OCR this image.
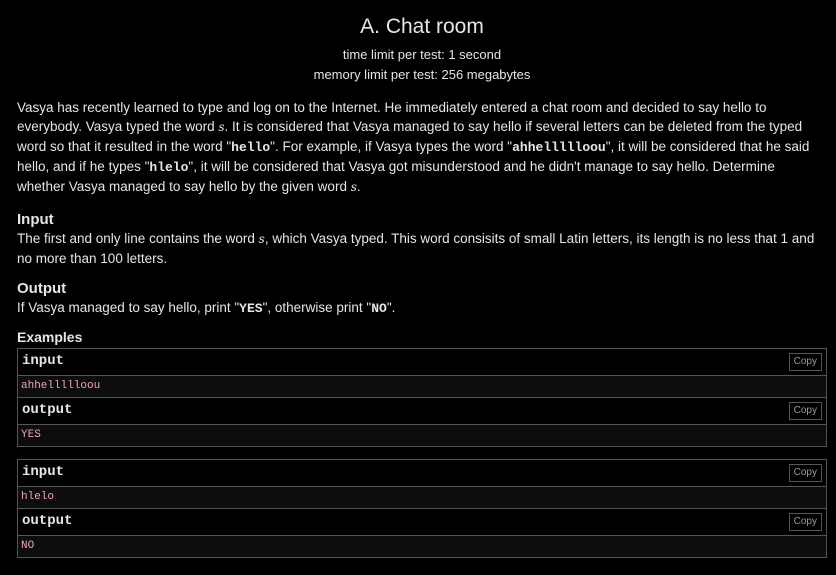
A. Chat room
time limit per test: 1 second
memory limit per test: 256 megabytes
Vasya has recently learned to type and log on to the Internet. He immediately entered a chat room and decided to say hello to everybody. Vasya typed the word s. It is considered that Vasya managed to say hello if several letters can be deleted from the typed word so that it resulted in the word "hello". For example, if Vasya types the word "ahhellllloou", it will be considered that he said hello, and if he types "hlelo", it will be considered that Vasya got misunderstood and he didn't manage to say hello. Determine whether Vasya managed to say hello by the given word s.
Input
The first and only line contains the word s, which Vasya typed. This word consisits of small Latin letters, its length is no less that 1 and no more than 100 letters.
Output
If Vasya managed to say hello, print "YES", otherwise print "NO".
Examples
input	Copy
ahhellllloou
output	Copy
YES
input	Copy
hlelo
output	Copy
NO
